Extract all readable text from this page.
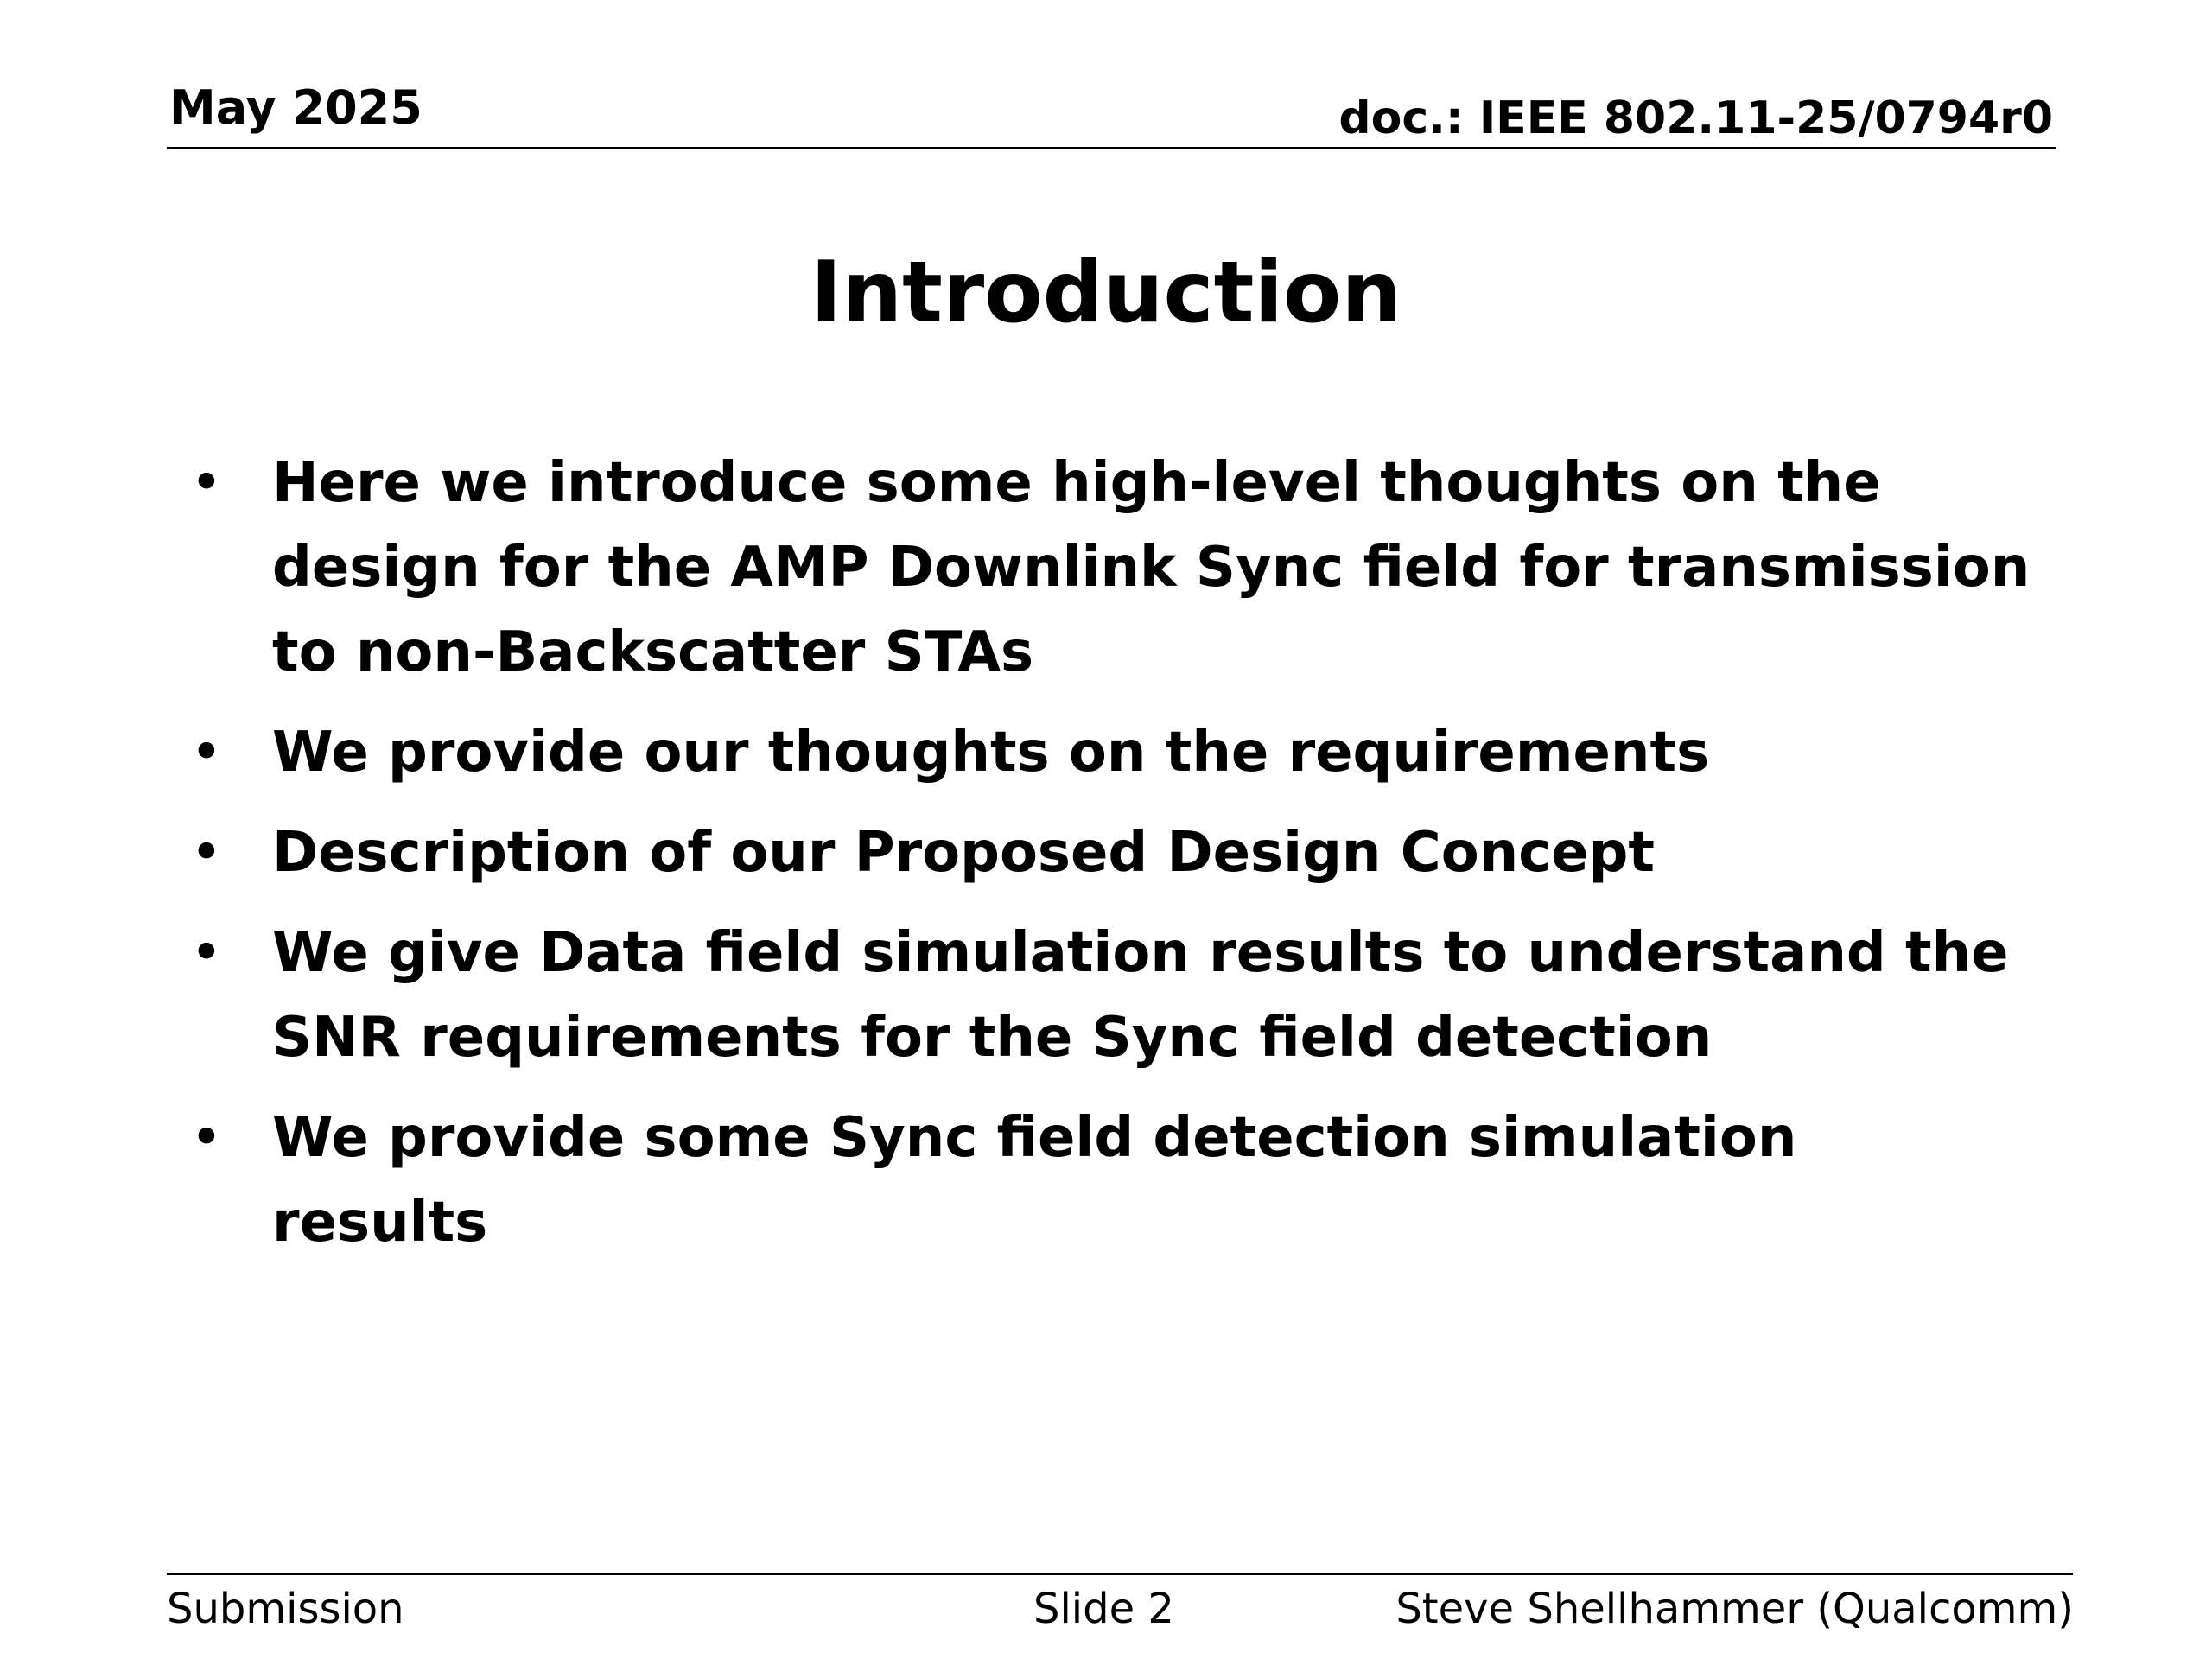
May 2025	doc.: IEEE 802.11-25/0794r0
Introduction
• Here we introduce some high-level thoughts on the design for the AMP Downlink Sync field for transmission to non-Backscatter STAs
• We provide our thoughts on the requirements
• Description of our Proposed Design Concept
• We give Data field simulation results to understand the SNR requirements for the Sync field detection
• We provide some Sync field detection simulation results
Submission	Slide 2	Steve Shellhammer (Qualcomm)
